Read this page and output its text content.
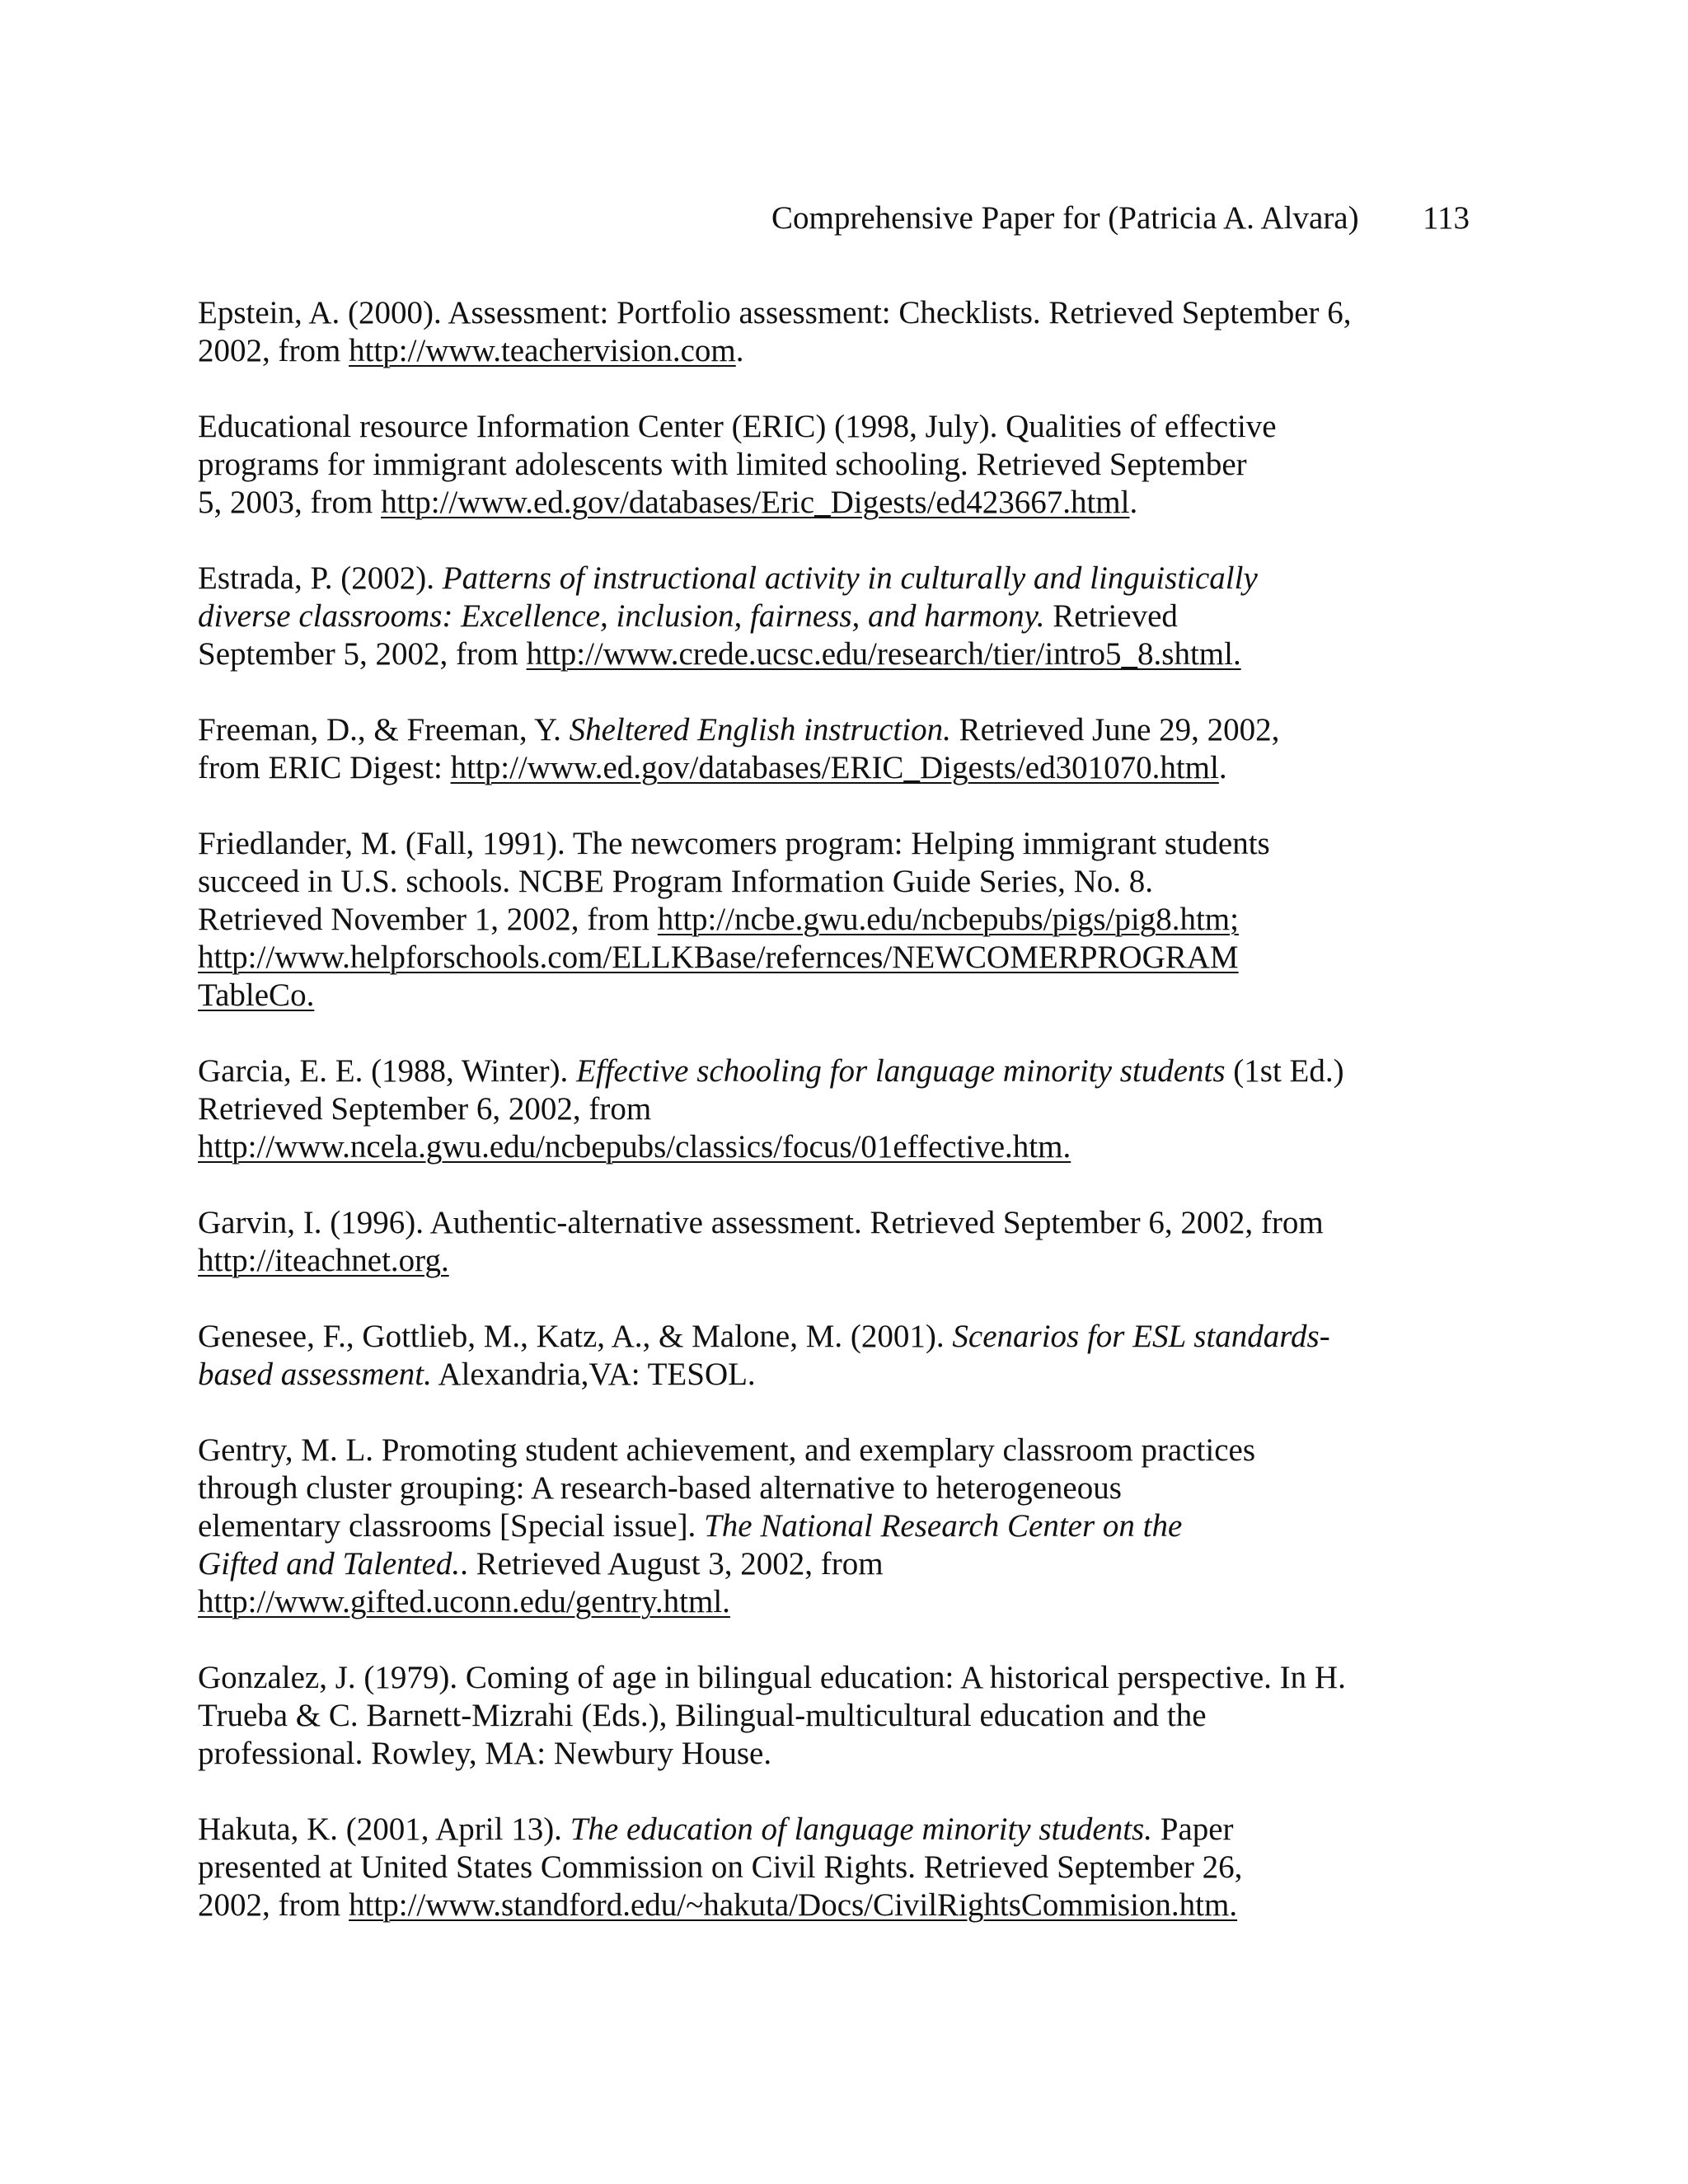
Comprehensive Paper for (Patricia A. Alvara) 113

Epstein, A. (2000). Assessment: Portfolio assessment: Checklists. Retrieved September 6,
2002, from http://www.teachervision.com.

Educational resource Information Center (ERIC) (1998, July). Qualities of effective
programs for immigrant adolescents with limited schooling. Retrieved September
5, 2003, from http://www.ed.gov/databases/Eric_Digests/ed423667.html.

Estrada, P. (2002). Patterns of instructional activity in culturally and linguistically
diverse classrooms: Excellence, inclusion, fairness, and harmony. Retrieved
September 5, 2002, from http://www.crede.ucsc.edu/research/tier/intro5_8.shtml.

Freeman, D., & Freeman, Y. Sheltered English instruction. Retrieved June 29, 2002,
from ERIC Digest: http://www.ed.gov/databases/ERIC_Digests/ed301070.html.

Friedlander, M. (Fall, 1991). The newcomers program: Helping immigrant students
succeed in U.S. schools. NCBE Program Information Guide Series, No. 8.
Retrieved November 1, 2002, from http://ncbe.gwu.edu/ncbepubs/pigs/pig8.htm;
http://www.helpforschools.com/ELLKBase/refernces/NEWCOMERPROGRAM
TableCo.

Garcia, E. E. (1988, Winter). Effective schooling for language minority students (1st Ed.)
Retrieved September 6, 2002, from
http://www.ncela.gwu.edu/ncbepubs/classics/focus/01effective.htm.

Garvin, I. (1996). Authentic-alternative assessment. Retrieved September 6, 2002, from
http://iteachnet.org.

Genesee, F., Gottlieb, M., Katz, A., & Malone, M. (2001). Scenarios for ESL standards-
based assessment. Alexandria,VA: TESOL.

Gentry, M. L. Promoting student achievement, and exemplary classroom practices
through cluster grouping: A research-based alternative to heterogeneous
elementary classrooms [Special issue]. The National Research Center on the
Gifted and Talented.. Retrieved August 3, 2002, from
http://www.gifted.uconn.edu/gentry.html.

Gonzalez, J. (1979). Coming of age in bilingual education: A historical perspective. In H.
Trueba & C. Barnett-Mizrahi (Eds.), Bilingual-multicultural education and the
professional. Rowley, MA: Newbury House.

Hakuta, K. (2001, April 13). The education of language minority students. Paper
presented at United States Commission on Civil Rights. Retrieved September 26,
2002, from http://www.standford.edu/~hakuta/Docs/CivilRightsCommision.htm.
